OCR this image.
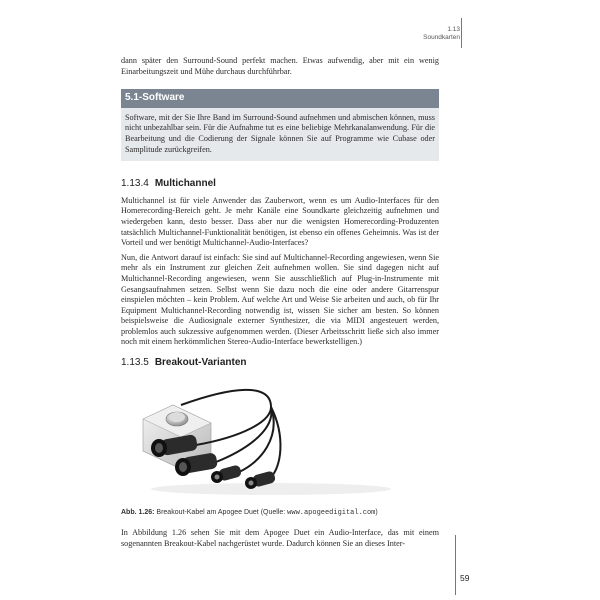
1.13
Soundkarten

dann später den Surround-Sound perfekt machen. Etwas aufwendig, aber mit ein wenig Einarbeitungszeit und Mühe durchaus durchführbar.

5.1-Software

Software, mit der Sie Ihre Band im Surround-Sound aufnehmen und abmischen können, muss nicht unbezahlbar sein. Für die Aufnahme tut es eine beliebige Mehrkanalanwendung. Für die Bearbeitung und die Codierung der Signale können Sie auf Programme wie Cubase oder Samplitude zurückgreifen.

1.13.4 Multichannel

Multichannel ist für viele Anwender das Zauberwort, wenn es um Audio-Interfaces für den Homerecording-Bereich geht. Je mehr Kanäle eine Soundkarte gleichzeitig aufnehmen und wiedergeben kann, desto besser. Dass aber nur die wenigsten Homerecording-Produzenten tatsächlich Multichannel-Funktionalität benötigen, ist ebenso ein offenes Geheimnis. Was ist der Vorteil und wer benötigt Multichannel-Audio-Interfaces?

Nun, die Antwort darauf ist einfach: Sie sind auf Multichannel-Recording angewiesen, wenn Sie mehr als ein Instrument zur gleichen Zeit aufnehmen wollen. Sie sind dagegen nicht auf Multichannel-Recording angewiesen, wenn Sie ausschließlich auf Plug-in-Instrumente mit Gesangsaufnahmen setzen. Selbst wenn Sie dazu noch die eine oder andere Gitarrenspur einspielen möchten – kein Problem. Auf welche Art und Weise Sie arbeiten und auch, ob für Ihr Equipment Multichannel-Recording notwendig ist, wissen Sie sicher am besten. So können beispielsweise die Audiosignale externer Synthesizer, die via MIDI angesteuert werden, problemlos auch sukzessive aufgenommen werden. (Dieser Arbeitsschritt ließe sich also immer noch mit einem herkömmlichen Stereo-Audio-Interface bewerkstelligen.)

1.13.5 Breakout-Varianten
Abb. 1.26: Breakout-Kabel am Apogee Duet (Quelle: www.apogeedigital.com)

In Abbildung 1.26 sehen Sie mit dem Apogee Duet ein Audio-Interface, das mit einem sogenannten Breakout-Kabel nachgerüstet wurde. Dadurch können Sie an dieses Inter-

59
